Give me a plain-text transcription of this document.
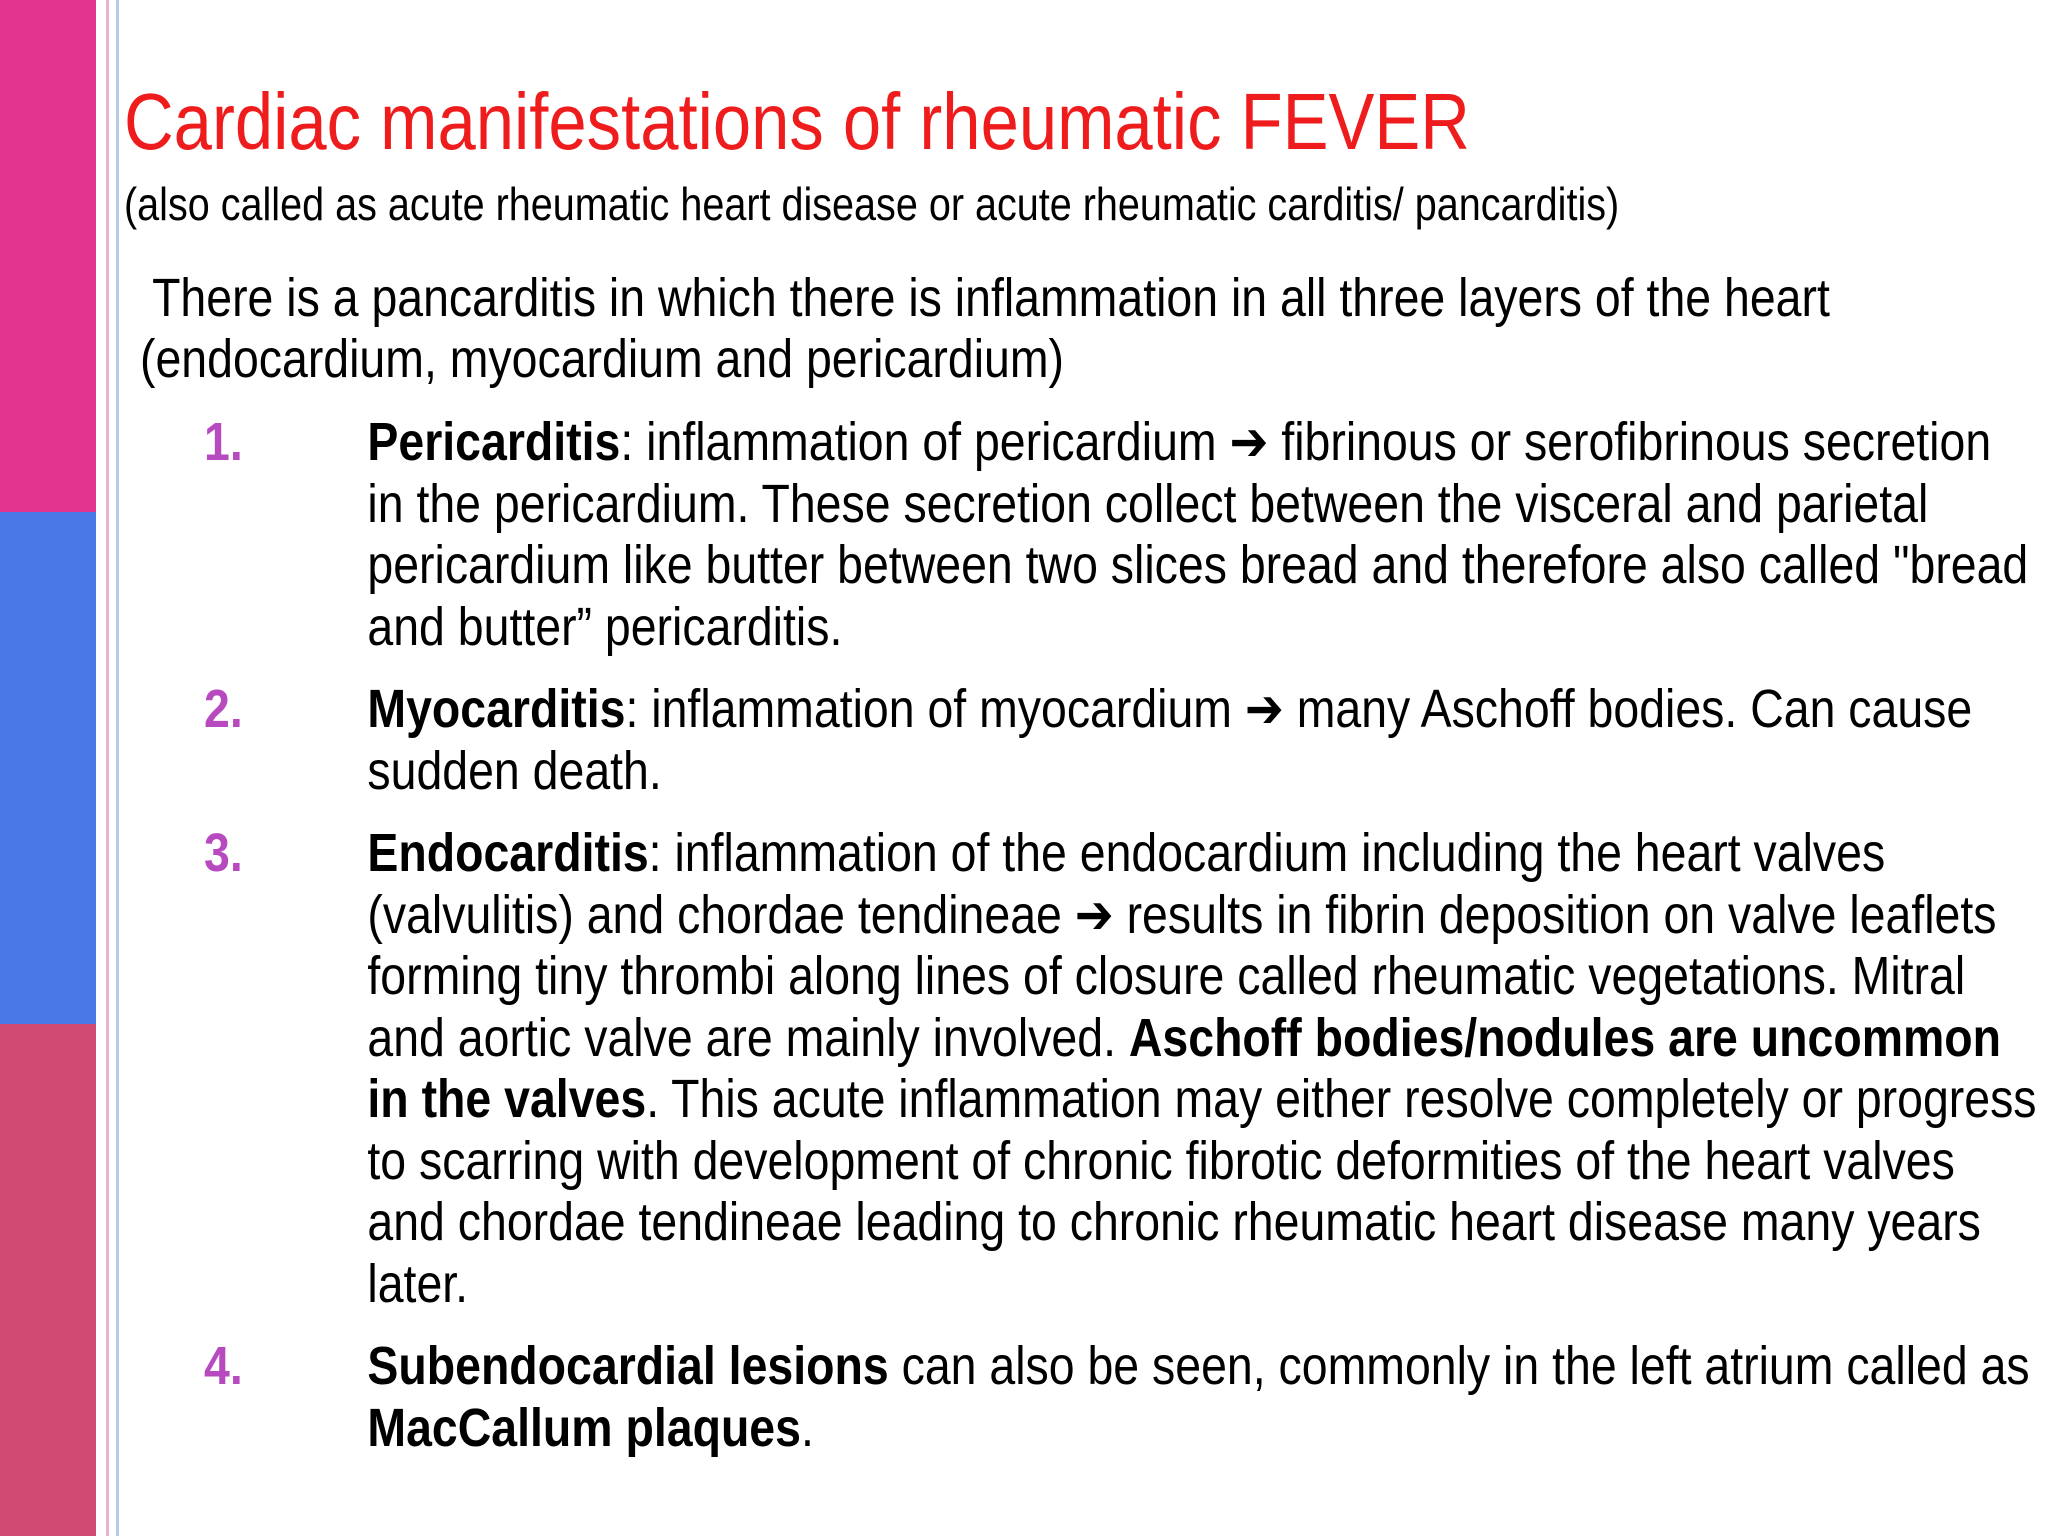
Cardiac manifestations of rheumatic FEVER
(also called as acute rheumatic heart disease or acute rheumatic carditis/ pancarditis)
There is a pancarditis in which there is inflammation in all three layers of the heart
(endocardium, myocardium and pericardium)
1. Pericarditis: inflammation of pericardium ➔ fibrinous or serofibrinous secretion
in the pericardium. These secretion collect between the visceral and parietal
pericardium like butter between two slices bread and therefore also called "bread
and butter” pericarditis.
2. Myocarditis: inflammation of myocardium ➔ many Aschoff bodies. Can cause
sudden death.
3. Endocarditis: inflammation of the endocardium including the heart valves
(valvulitis) and chordae tendineae ➔ results in fibrin deposition on valve leaflets
forming tiny thrombi along lines of closure called rheumatic vegetations. Mitral
and aortic valve are mainly involved. Aschoff bodies/nodules are uncommon
in the valves. This acute inflammation may either resolve completely or progress
to scarring with development of chronic fibrotic deformities of the heart valves
and chordae tendineae leading to chronic rheumatic heart disease many years
later.
4. Subendocardial lesions can also be seen, commonly in the left atrium called as
MacCallum plaques.
